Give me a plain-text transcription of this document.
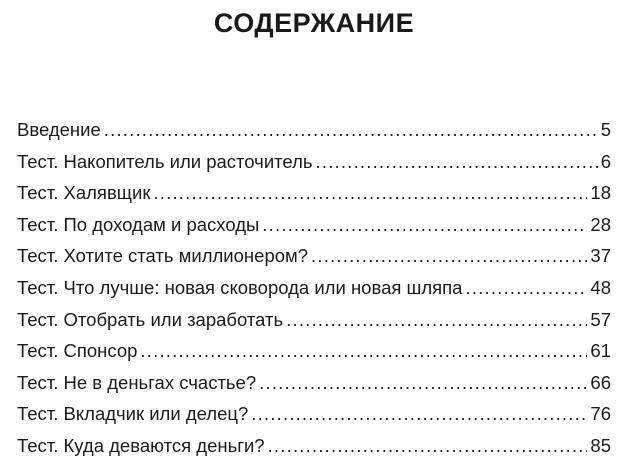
СОДЕРЖАНИЕ
Введение .....	5
Тест. Накопитель или расточитель .....	6
Тест. Халявщик .....	18
Тест. По доходам и расходы .....	28
Тест. Хотите стать миллионером? .....	37
Тест. Что лучше: новая сковорода или новая шляпа .....	48
Тест. Отобрать или заработать .....	57
Тест. Спонсор .....	61
Тест. Не в деньгах счастье? .....	66
Тест. Вкладчик или делец? .....	76
Тест. Куда деваются деньги? .....	85
